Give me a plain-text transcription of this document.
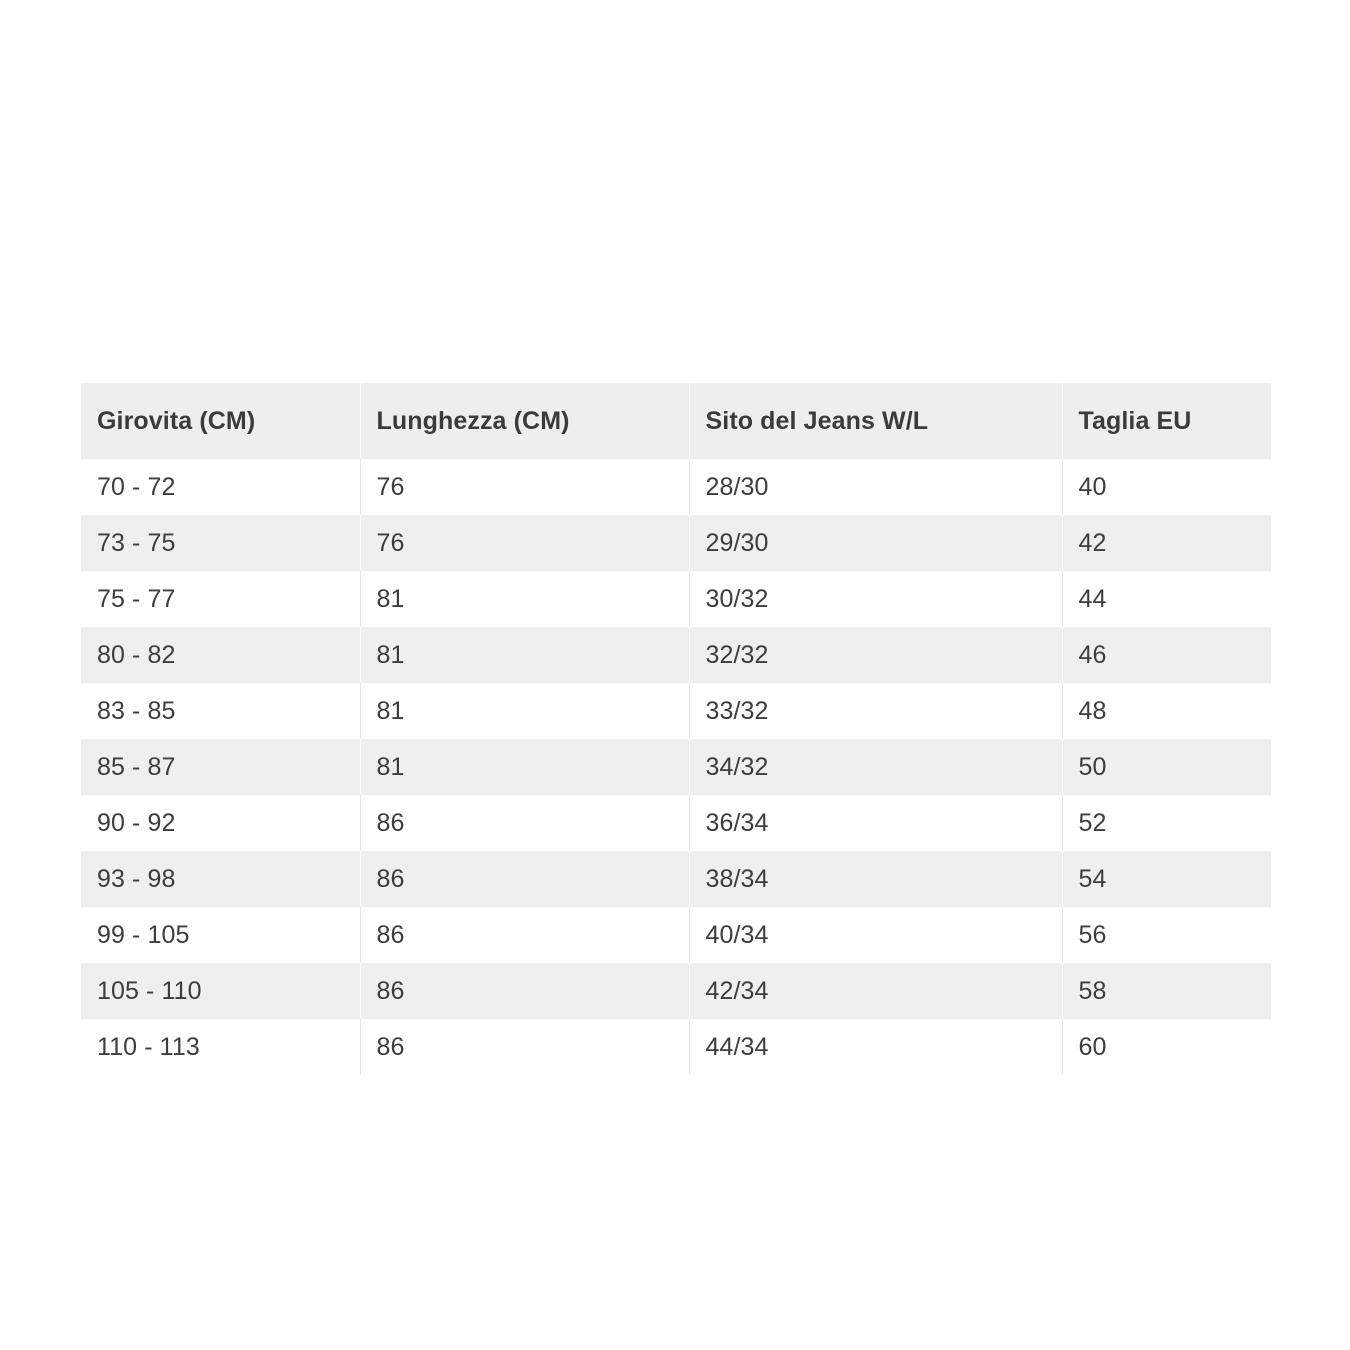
Girovita (CM)	Lunghezza (CM)	Sito del Jeans W/L	Taglia EU
70 - 72	76	28/30	40
73 - 75	76	29/30	42
75 - 77	81	30/32	44
80 - 82	81	32/32	46
83 - 85	81	33/32	48
85 - 87	81	34/32	50
90 - 92	86	36/34	52
93 - 98	86	38/34	54
99 - 105	86	40/34	56
105 - 110	86	42/34	58
110 - 113	86	44/34	60
